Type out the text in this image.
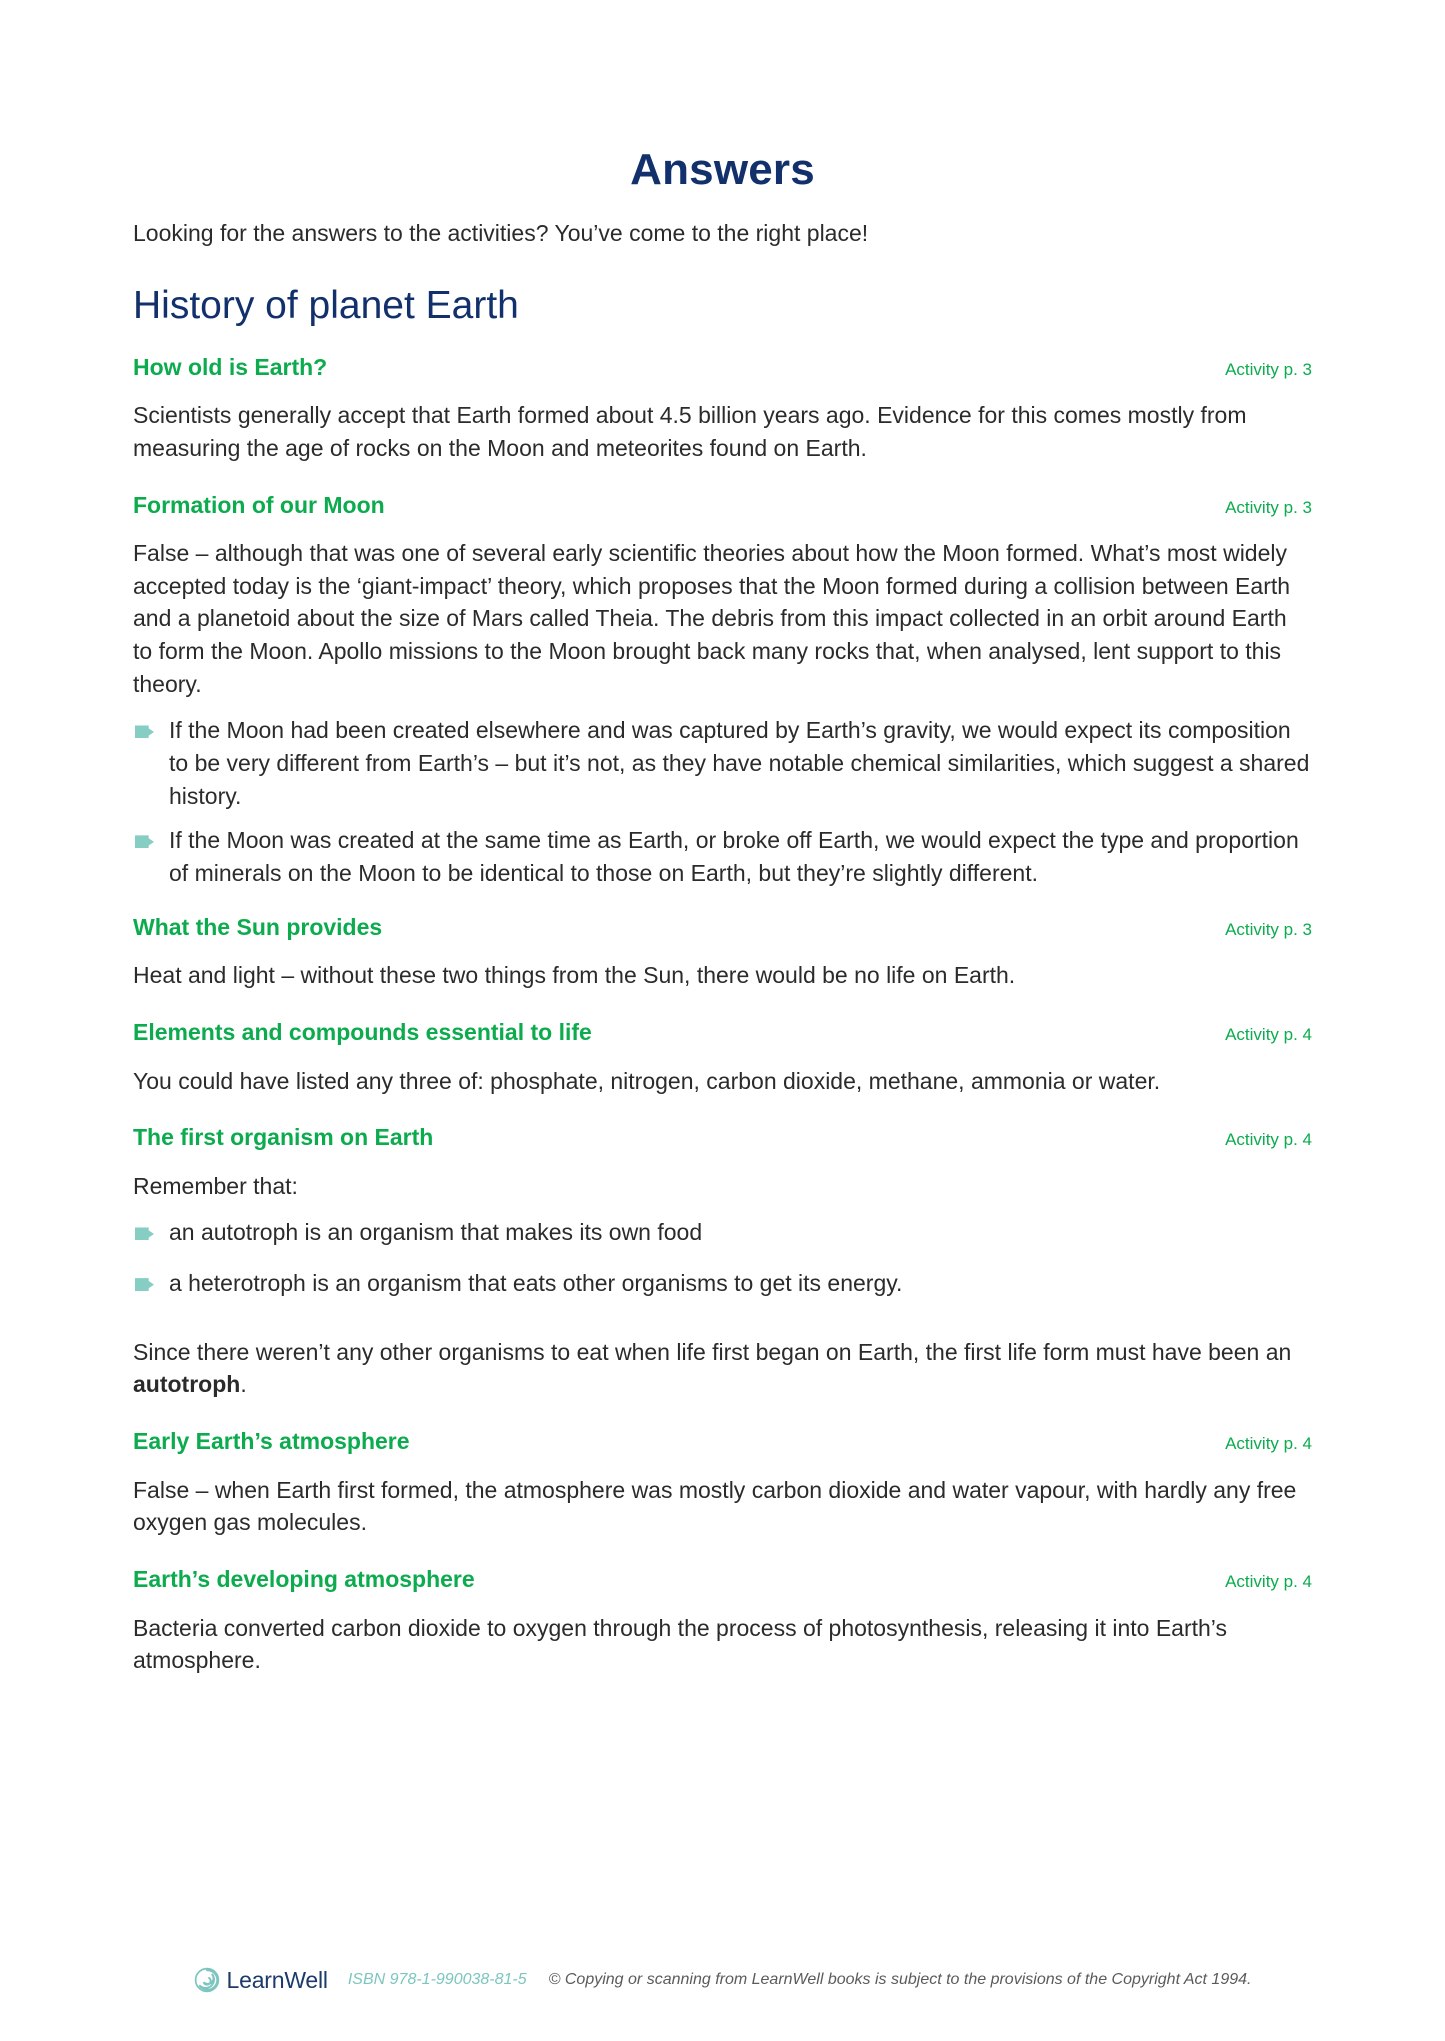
Answers

Looking for the answers to the activities? You’ve come to the right place!

History of planet Earth
How old is Earth?	Activity p. 3

Scientists generally accept that Earth formed about 4.5 billion years ago. Evidence for this comes mostly from measuring the age of rocks on the Moon and meteorites found on Earth.

Formation of our Moon	Activity p. 3

False – although that was one of several early scientific theories about how the Moon formed. What’s most widely accepted today is the ‘giant-impact’ theory, which proposes that the Moon formed during a collision between Earth and a planetoid about the size of Mars called Theia. The debris from this impact collected in an orbit around Earth to form the Moon. Apollo missions to the Moon brought back many rocks that, when analysed, lent support to this theory.

If the Moon had been created elsewhere and was captured by Earth’s gravity, we would expect its composition to be very different from Earth’s – but it’s not, as they have notable chemical similarities, which suggest a shared history.
If the Moon was created at the same time as Earth, or broke off Earth, we would expect the type and proportion of minerals on the Moon to be identical to those on Earth, but they’re slightly different.
What the Sun provides	Activity p. 3

Heat and light – without these two things from the Sun, there would be no life on Earth.

Elements and compounds essential to life	Activity p. 4

You could have listed any three of: phosphate, nitrogen, carbon dioxide, methane, ammonia or water.

The first organism on Earth	Activity p. 4

Remember that:

an autotroph is an organism that makes its own food
a heterotroph is an organism that eats other organisms to get its energy.

Since there weren’t any other organisms to eat when life first began on Earth, the first life form must have been an autotroph.

Early Earth’s atmosphere	Activity p. 4

False – when Earth first formed, the atmosphere was mostly carbon dioxide and water vapour, with hardly any free oxygen gas molecules.

Earth’s developing atmosphere	Activity p. 4

Bacteria converted carbon dioxide to oxygen through the process of photosynthesis, releasing it into Earth’s atmosphere.

LearnWell ISBN 978-1-990038-81-5 © Copying or scanning from LearnWell books is subject to the provisions of the Copyright Act 1994.
